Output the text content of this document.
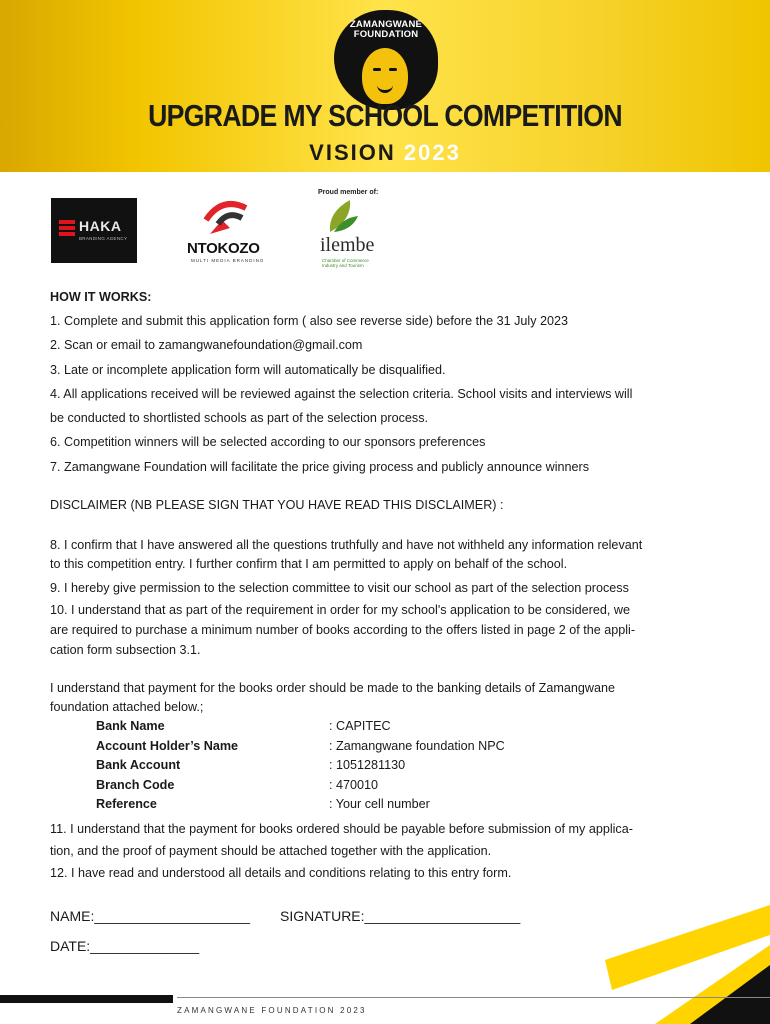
ZAMANGWANE FOUNDATION
UPGRADE MY SCHOOL COMPETITION
VISION 2023
Proud member of:
HAKA
BRANDING AGENCY
NTOKOZO
MULTI MEDIA BRANDING
ilembe
Chamber of Commerce Industry and Tourism
HOW IT WORKS:
1. Complete and submit this application form ( also see reverse side) before the 31 July 2023
2. Scan or email to zamangwanefoundation@gmail.com
3. Late or incomplete application form will automatically be disqualified.
4. All applications received will be reviewed against the selection criteria. School visits and interviews will
be conducted to shortlisted schools as part of the selection process.
6. Competition winners will be selected according to our sponsors preferences
7. Zamangwane Foundation will facilitate the price giving process and publicly announce winners
DISCLAIMER (NB PLEASE SIGN THAT YOU HAVE READ THIS DISCLAIMER) :
8. I confirm that I have answered all the questions truthfully and have not withheld any information relevant
to this competition entry. I further confirm that I am permitted to apply on behalf of the school.
9. I hereby give permission to the selection committee to visit our school as part of the selection process
10. I understand that as part of the requirement in order for my school's application to be considered, we
are required to purchase a minimum number of books according to the offers listed in page 2 of the appli-
cation form subsection 3.1.
I understand that payment for the books order should be made to the banking details of Zamangwane
foundation attached below.;
Bank Name	: CAPITEC
Account Holder’s Name	: Zamangwane foundation NPC
Bank Account	: 1051281130
Branch Code	: 470010
Reference	: Your cell number
11. I understand that the payment for books ordered should be payable before submission of my applica-
tion, and the proof of payment should be attached together with the application.
12. I have read and understood all details and conditions relating to this entry form.
NAME:____________________ SIGNATURE:____________________
DATE:______________
ZAMANGWANE FOUNDATION 2023
